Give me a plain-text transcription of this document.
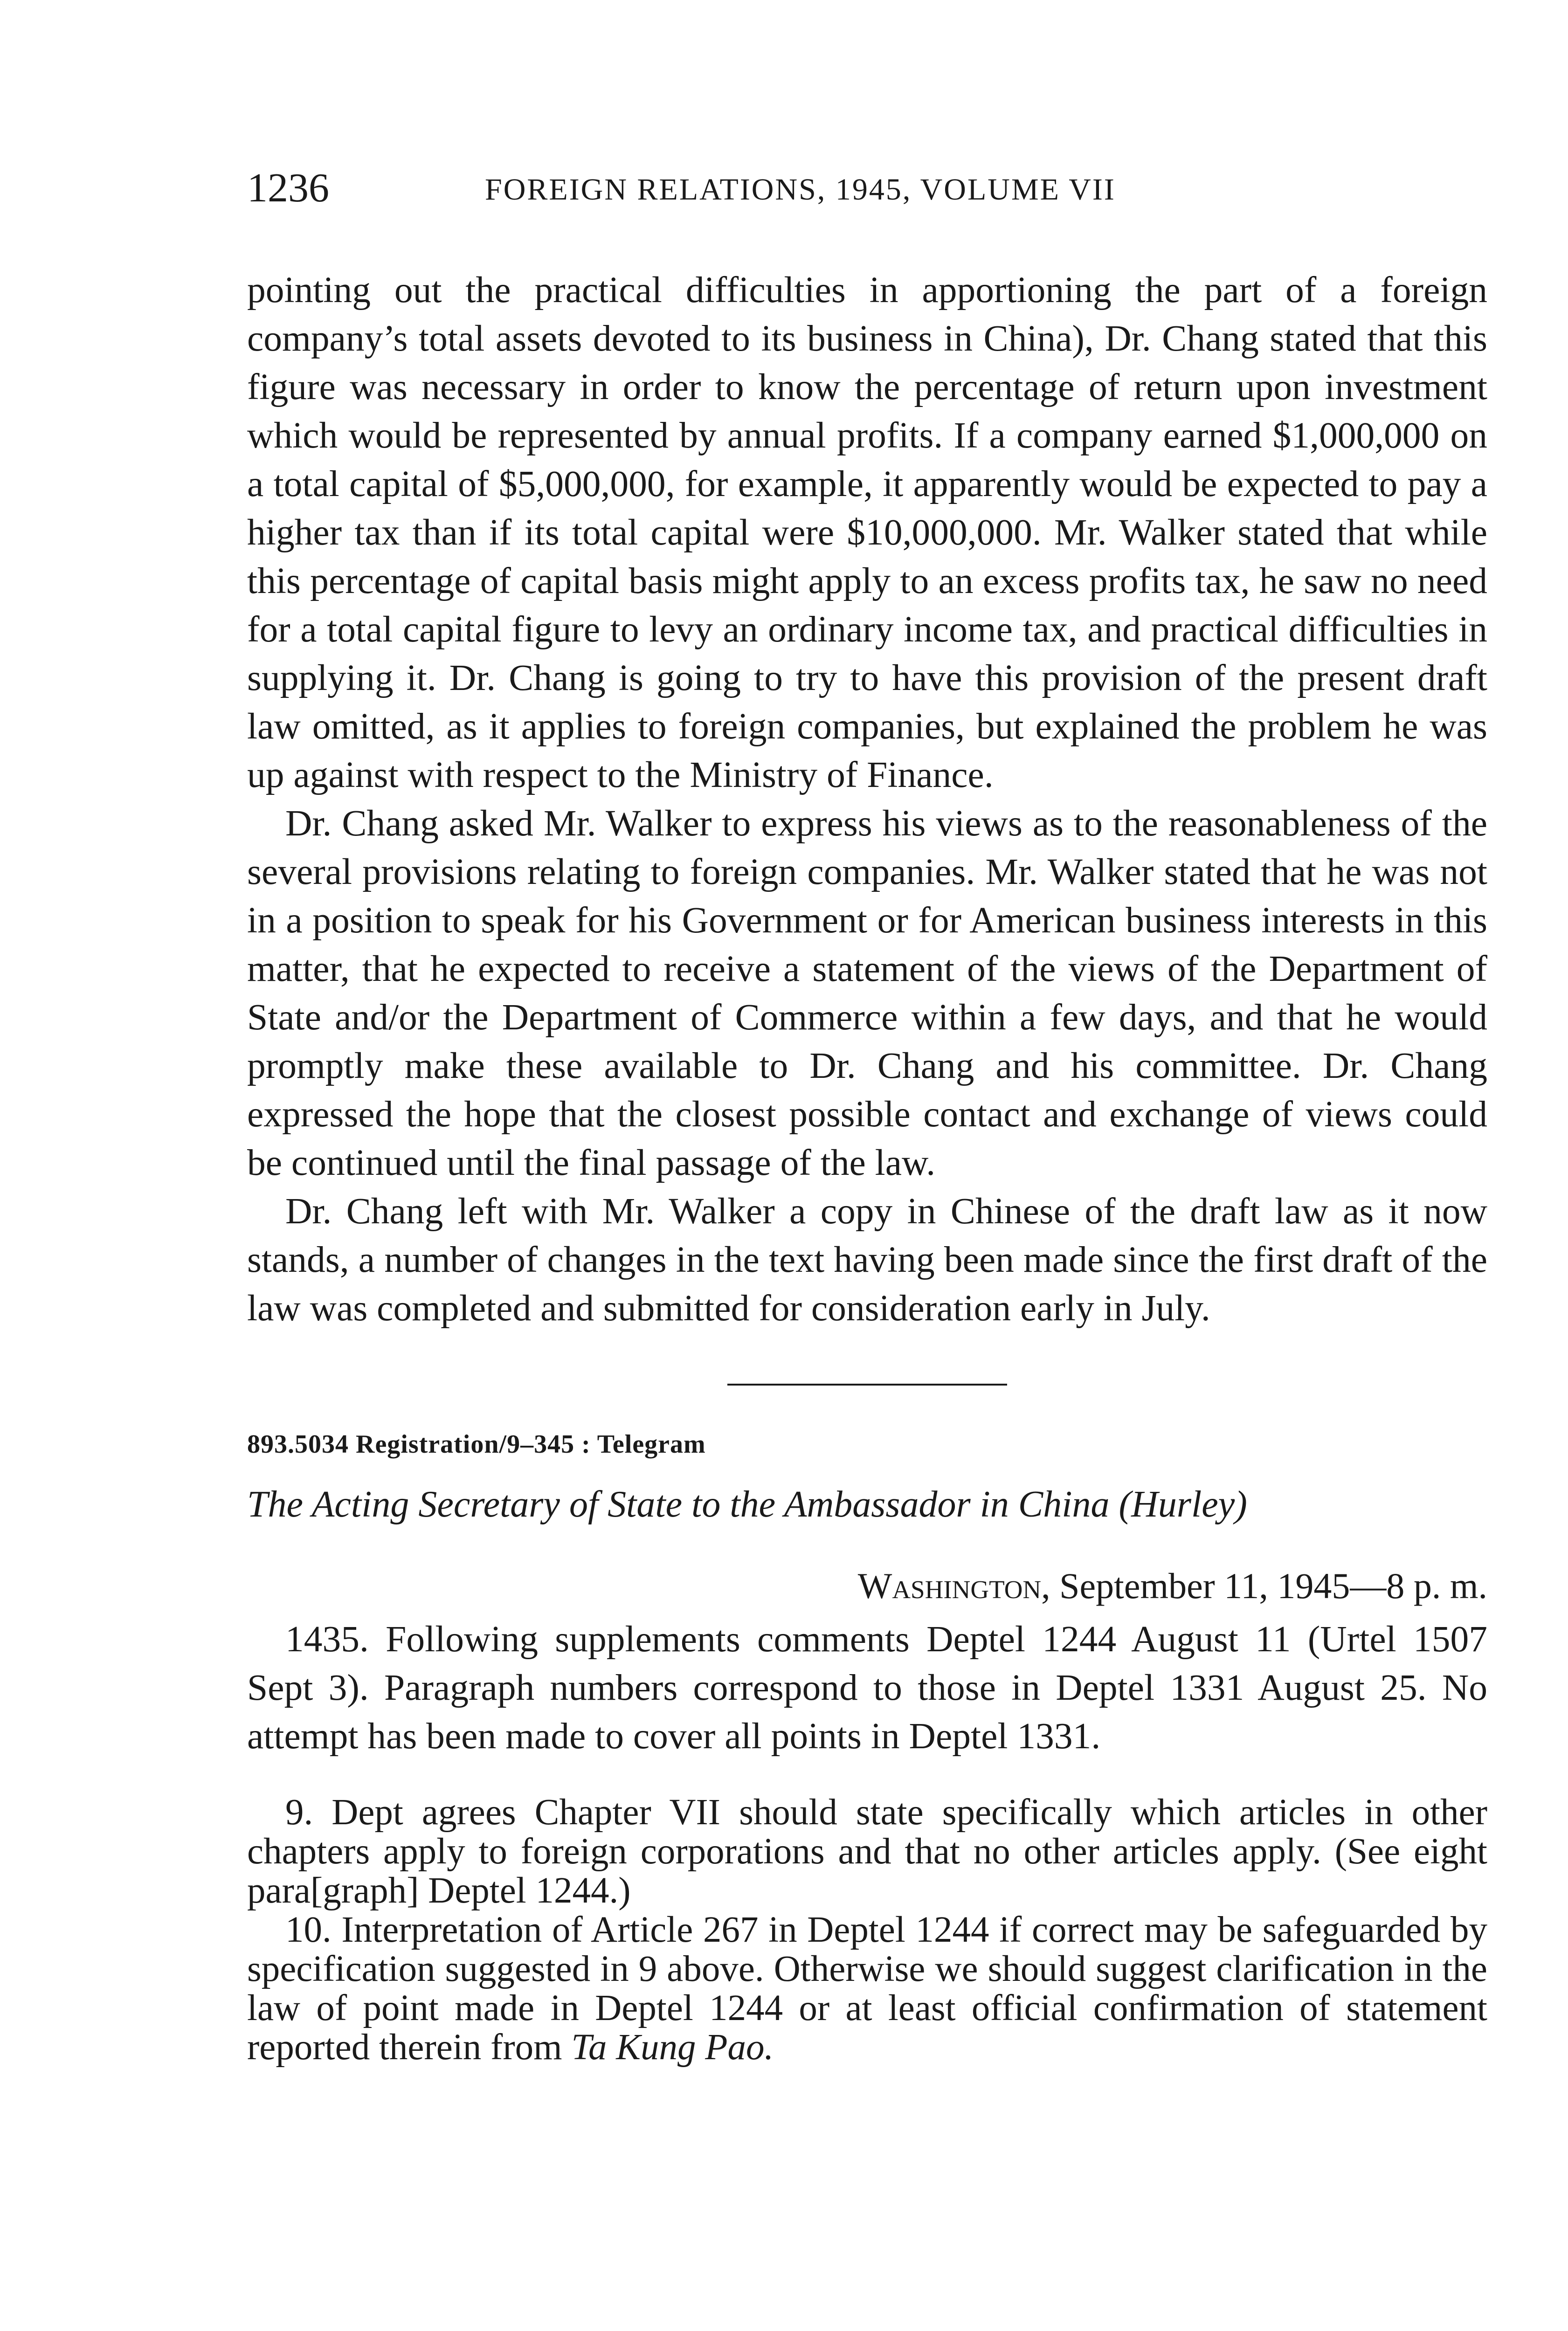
1236	FOREIGN RELATIONS, 1945, VOLUME VII

pointing out the practical difficulties in apportioning the part of a foreign company’s total assets devoted to its business in China), Dr. Chang stated that this figure was necessary in order to know the percentage of return upon investment which would be represented by annual profits. If a company earned $1,000,000 on a total capital of $5,000,000, for example, it apparently would be expected to pay a higher tax than if its total capital were $10,000,000. Mr. Walker stated that while this percentage of capital basis might apply to an excess profits tax, he saw no need for a total capital figure to levy an ordinary income tax, and practical difficulties in supplying it. Dr. Chang is going to try to have this provision of the present draft law omitted, as it applies to foreign companies, but explained the problem he was up against with respect to the Ministry of Finance.

Dr. Chang asked Mr. Walker to express his views as to the reasonableness of the several provisions relating to foreign companies. Mr. Walker stated that he was not in a position to speak for his Government or for American business interests in this matter, that he expected to receive a statement of the views of the Department of State and/or the Department of Commerce within a few days, and that he would promptly make these available to Dr. Chang and his committee. Dr. Chang expressed the hope that the closest possible contact and exchange of views could be continued until the final passage of the law.

Dr. Chang left with Mr. Walker a copy in Chinese of the draft law as it now stands, a number of changes in the text having been made since the first draft of the law was completed and submitted for consideration early in July.

893.5034 Registration/9–345 : Telegram
The Acting Secretary of State to the Ambassador in China (Hurley)
Washington, September 11, 1945—8 p. m.

1435. Following supplements comments Deptel 1244 August 11 (Urtel 1507 Sept 3). Paragraph numbers correspond to those in Deptel 1331 August 25. No attempt has been made to cover all points in Deptel 1331.

9. Dept agrees Chapter VII should state specifically which articles in other chapters apply to foreign corporations and that no other articles apply. (See eight para[graph] Deptel 1244.)

10. Interpretation of Article 267 in Deptel 1244 if correct may be safeguarded by specification suggested in 9 above. Otherwise we should suggest clarification in the law of point made in Deptel 1244 or at least official confirmation of statement reported therein from Ta Kung Pao.
